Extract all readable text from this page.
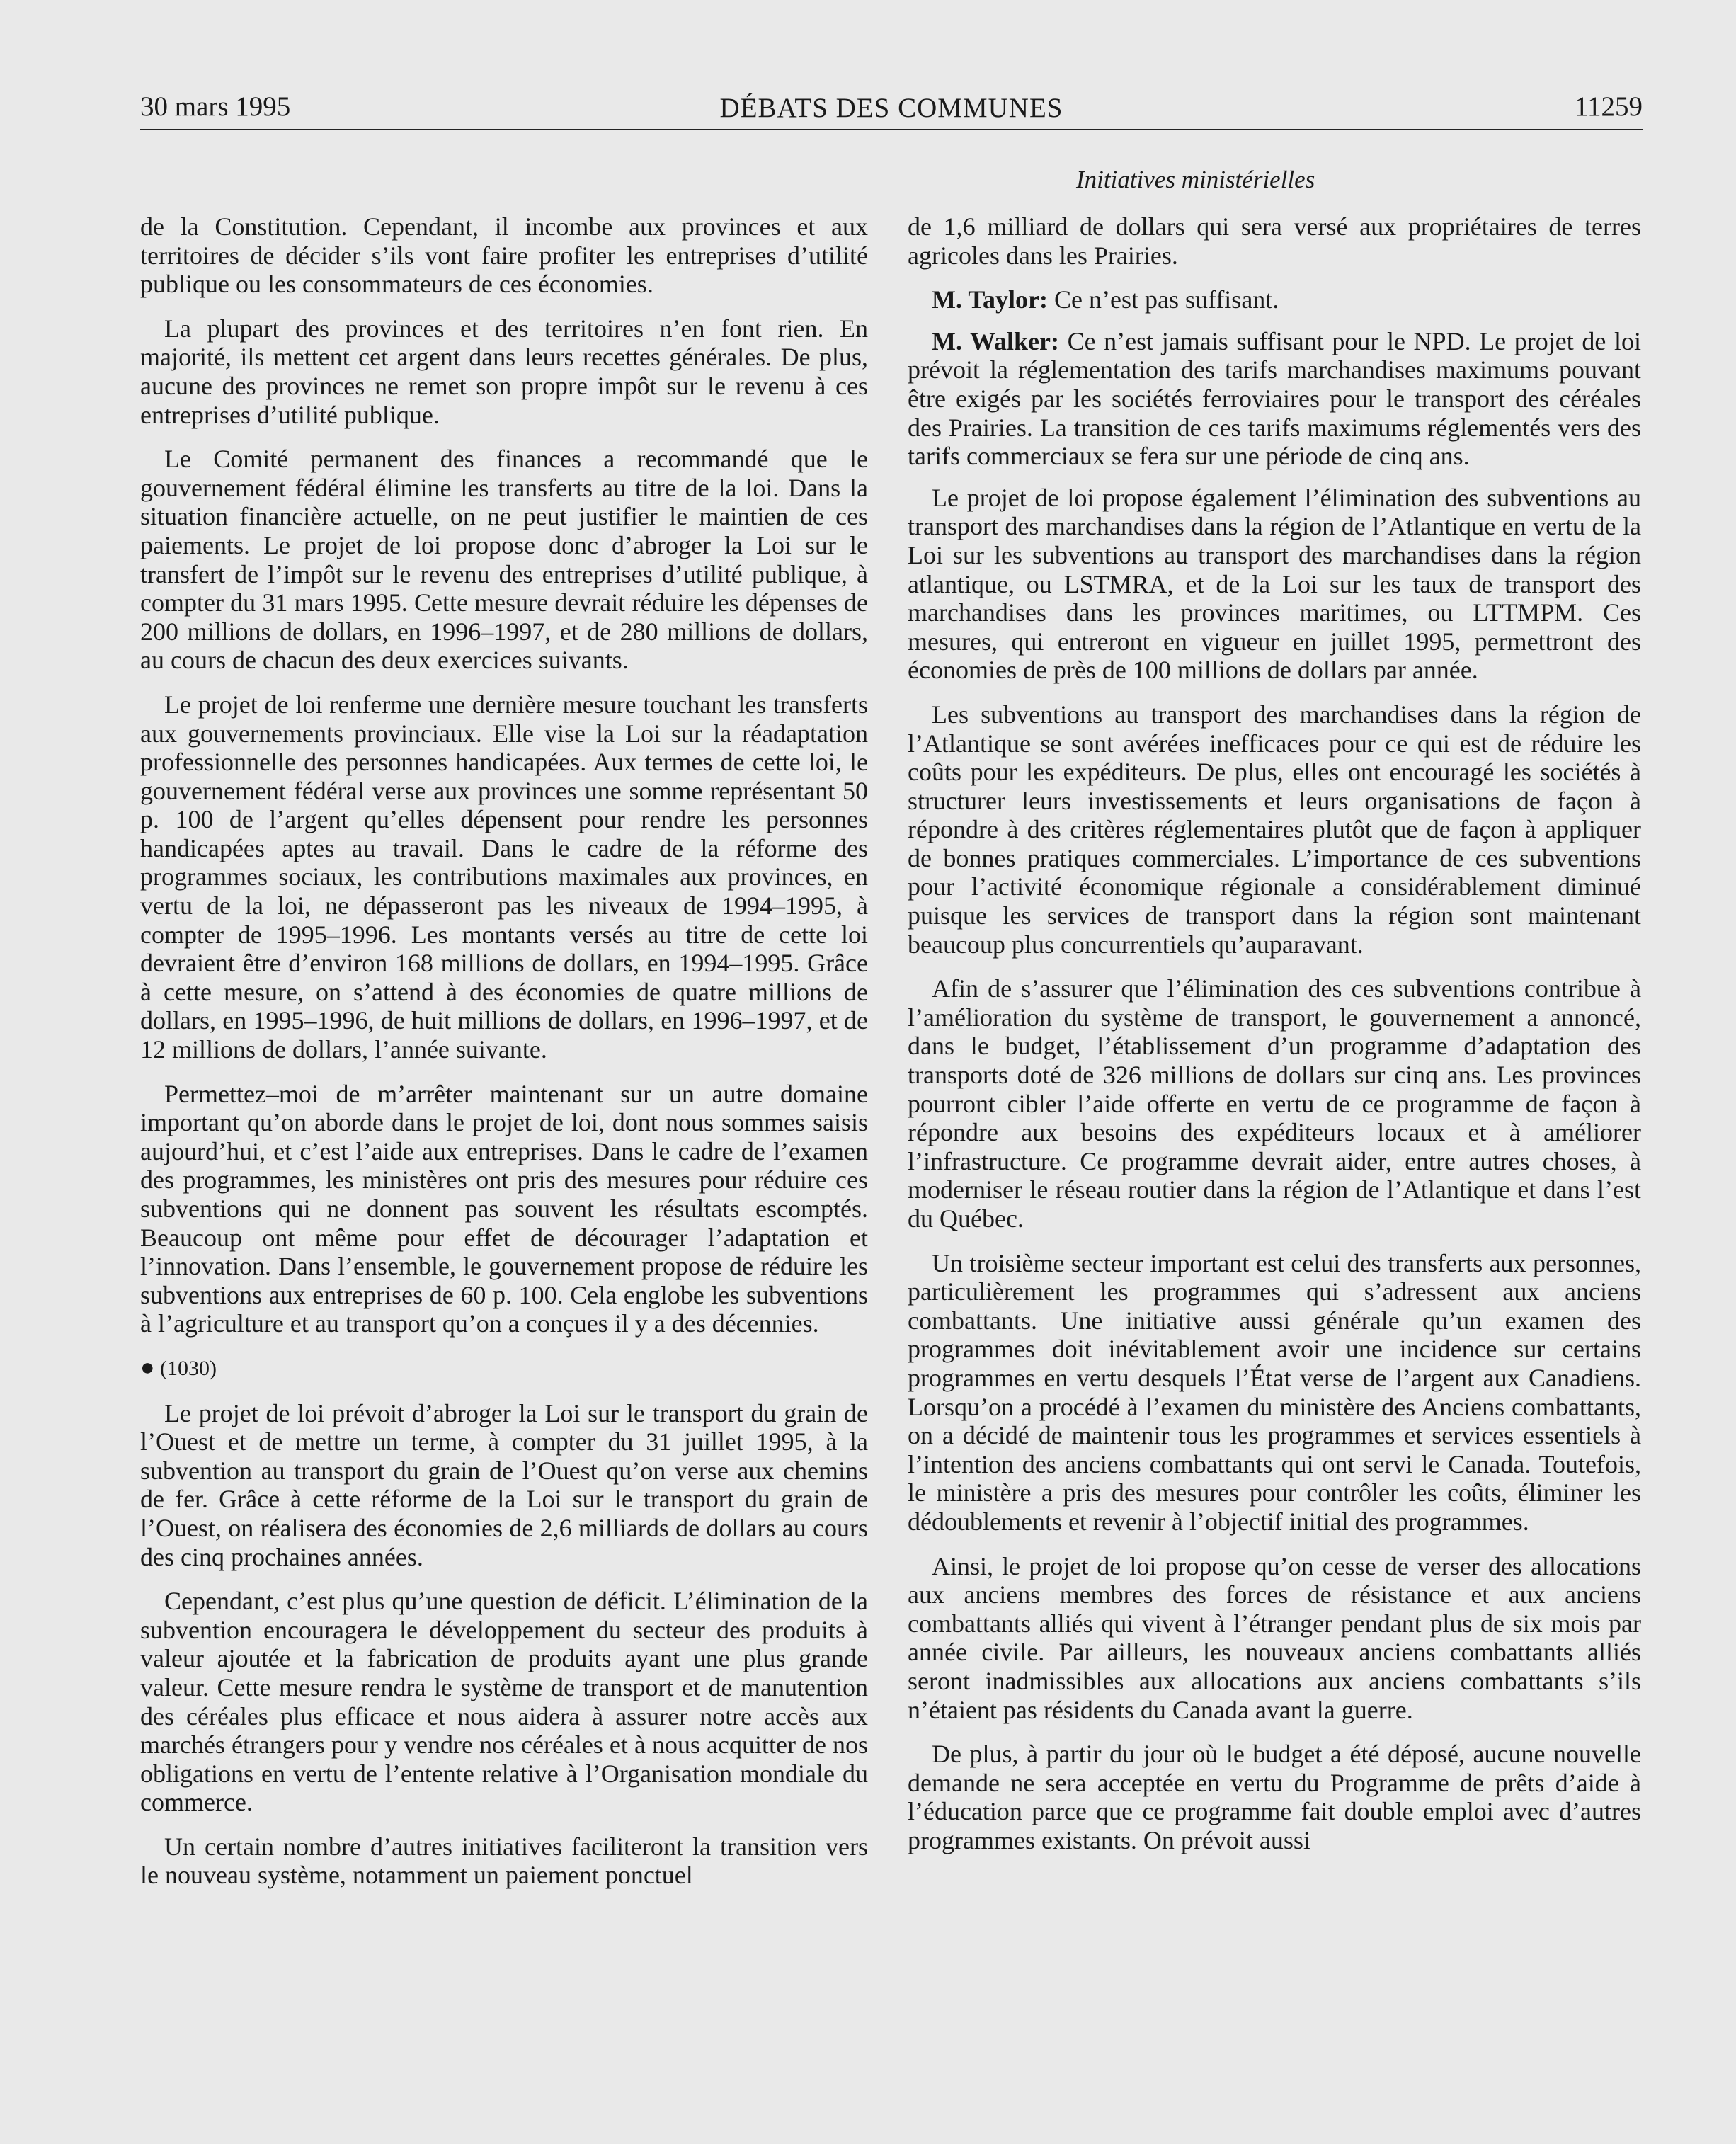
30 mars 1995	DÉBATS DES COMMUNES	11259
Initiatives ministérielles

de la Constitution. Cependant, il incombe aux provinces et aux territoires de décider s’ils vont faire profiter les entreprises d’utilité publique ou les consommateurs de ces économies.

La plupart des provinces et des territoires n’en font rien. En majorité, ils mettent cet argent dans leurs recettes générales. De plus, aucune des provinces ne remet son propre impôt sur le revenu à ces entreprises d’utilité publique.

Le Comité permanent des finances a recommandé que le gouvernement fédéral élimine les transferts au titre de la loi. Dans la situation financière actuelle, on ne peut justifier le maintien de ces paiements. Le projet de loi propose donc d’abroger la Loi sur le transfert de l’impôt sur le revenu des entreprises d’utilité publique, à compter du 31 mars 1995. Cette mesure devrait réduire les dépenses de 200 millions de dollars, en 1996–1997, et de 280 millions de dollars, au cours de chacun des deux exercices suivants.

Le projet de loi renferme une dernière mesure touchant les transferts aux gouvernements provinciaux. Elle vise la Loi sur la réadaptation professionnelle des personnes handicapées. Aux termes de cette loi, le gouvernement fédéral verse aux provinces une somme représentant 50 p. 100 de l’argent qu’elles dépensent pour rendre les personnes handicapées aptes au travail. Dans le cadre de la réforme des programmes sociaux, les contributions maximales aux provinces, en vertu de la loi, ne dépasseront pas les niveaux de 1994–1995, à compter de 1995–1996. Les montants versés au titre de cette loi devraient être d’environ 168 millions de dollars, en 1994–1995. Grâce à cette mesure, on s’attend à des économies de quatre millions de dollars, en 1995–1996, de huit millions de dollars, en 1996–1997, et de 12 millions de dollars, l’année suivante.

Permettez–moi de m’arrêter maintenant sur un autre domaine important qu’on aborde dans le projet de loi, dont nous sommes saisis aujourd’hui, et c’est l’aide aux entreprises. Dans le cadre de l’examen des programmes, les ministères ont pris des mesures pour réduire ces subventions qui ne donnent pas souvent les résultats escomptés. Beaucoup ont même pour effet de décourager l’adaptation et l’innovation. Dans l’ensemble, le gouvernement propose de réduire les subventions aux entreprises de 60 p. 100. Cela englobe les subventions à l’agriculture et au transport qu’on a conçues il y a des décennies.

● (1030)

Le projet de loi prévoit d’abroger la Loi sur le transport du grain de l’Ouest et de mettre un terme, à compter du 31 juillet 1995, à la subvention au transport du grain de l’Ouest qu’on verse aux chemins de fer. Grâce à cette réforme de la Loi sur le transport du grain de l’Ouest, on réalisera des économies de 2,6 milliards de dollars au cours des cinq prochaines années.

Cependant, c’est plus qu’une question de déficit. L’élimination de la subvention encouragera le développement du secteur des produits à valeur ajoutée et la fabrication de produits ayant une plus grande valeur. Cette mesure rendra le système de transport et de manutention des céréales plus efficace et nous aidera à assurer notre accès aux marchés étrangers pour y vendre nos céréales et à nous acquitter de nos obligations en vertu de l’entente relative à l’Organisation mondiale du commerce.

Un certain nombre d’autres initiatives faciliteront la transition vers le nouveau système, notamment un paiement ponctuel

de 1,6 milliard de dollars qui sera versé aux propriétaires de terres agricoles dans les Prairies.

M. Taylor: Ce n’est pas suffisant.

M. Walker: Ce n’est jamais suffisant pour le NPD. Le projet de loi prévoit la réglementation des tarifs marchandises maximums pouvant être exigés par les sociétés ferroviaires pour le transport des céréales des Prairies. La transition de ces tarifs maximums réglementés vers des tarifs commerciaux se fera sur une période de cinq ans.

Le projet de loi propose également l’élimination des subventions au transport des marchandises dans la région de l’Atlantique en vertu de la Loi sur les subventions au transport des marchandises dans la région atlantique, ou LSTMRA, et de la Loi sur les taux de transport des marchandises dans les provinces maritimes, ou LTTMPM. Ces mesures, qui entreront en vigueur en juillet 1995, permettront des économies de près de 100 millions de dollars par année.

Les subventions au transport des marchandises dans la région de l’Atlantique se sont avérées inefficaces pour ce qui est de réduire les coûts pour les expéditeurs. De plus, elles ont encouragé les sociétés à structurer leurs investissements et leurs organisations de façon à répondre à des critères réglementaires plutôt que de façon à appliquer de bonnes pratiques commerciales. L’importance de ces subventions pour l’activité économique régionale a considérablement diminué puisque les services de transport dans la région sont maintenant beaucoup plus concurrentiels qu’auparavant.

Afin de s’assurer que l’élimination des ces subventions contribue à l’amélioration du système de transport, le gouvernement a annoncé, dans le budget, l’établissement d’un programme d’adaptation des transports doté de 326 millions de dollars sur cinq ans. Les provinces pourront cibler l’aide offerte en vertu de ce programme de façon à répondre aux besoins des expéditeurs locaux et à améliorer l’infrastructure. Ce programme devrait aider, entre autres choses, à moderniser le réseau routier dans la région de l’Atlantique et dans l’est du Québec.

Un troisième secteur important est celui des transferts aux personnes, particulièrement les programmes qui s’adressent aux anciens combattants. Une initiative aussi générale qu’un examen des programmes doit inévitablement avoir une incidence sur certains programmes en vertu desquels l’État verse de l’argent aux Canadiens. Lorsqu’on a procédé à l’examen du ministère des Anciens combattants, on a décidé de maintenir tous les programmes et services essentiels à l’intention des anciens combattants qui ont servi le Canada. Toutefois, le ministère a pris des mesures pour contrôler les coûts, éliminer les dédoublements et revenir à l’objectif initial des programmes.

Ainsi, le projet de loi propose qu’on cesse de verser des allocations aux anciens membres des forces de résistance et aux anciens combattants alliés qui vivent à l’étranger pendant plus de six mois par année civile. Par ailleurs, les nouveaux anciens combattants alliés seront inadmissibles aux allocations aux anciens combattants s’ils n’étaient pas résidents du Canada avant la guerre.

De plus, à partir du jour où le budget a été déposé, aucune nouvelle demande ne sera acceptée en vertu du Programme de prêts d’aide à l’éducation parce que ce programme fait double emploi avec d’autres programmes existants. On prévoit aussi
